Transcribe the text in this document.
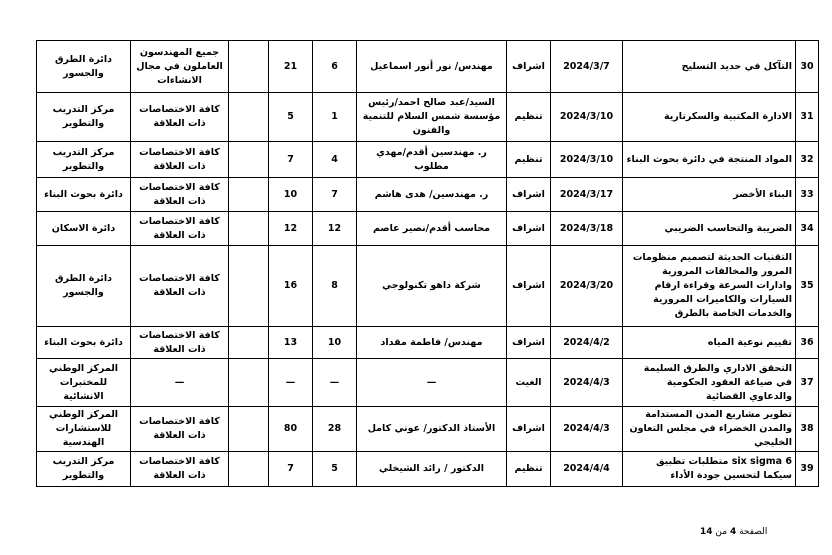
30	التآكل في حديد التسليح	2024/3/7	اشراف	مهندس/ نور أنور اسماعيل	6	21		جميع المهندسون العاملون في مجال الانشاءات	دائرة الطرق والجسور
31	الادارة المكتبية والسكرتارية	2024/3/10	تنظيم	السيد/عبد صالح احمد/رئيس مؤسسة شمس السلام للتنمية والفنون	1	5		كافة الاختصاصات ذات العلاقة	مركز التدريب والتطوير
32	المواد المنتجة في دائرة بحوث البناء	2024/3/10	تنظيم	ر. مهندسين أقدم/مهدي مطلوب	4	7		كافة الاختصاصات ذات العلاقة	مركز التدريب والتطوير
33	البناء الأخضر	2024/3/17	اشراف	ر. مهندسين/ هدى هاشم	7	10		كافة الاختصاصات ذات العلاقة	دائرة بحوث البناء
34	الضريبة والتحاسب الضريبي	2024/3/18	اشراف	محاسب أقدم/نصير عاصم	12	12		كافة الاختصاصات ذات العلاقة	دائرة الاسكان
35	التقنيات الحديثة لتصميم منظومات المرور والمخالفات المرورية وادارات السرعة وقراءة ارقام السيارات والكاميرات المرورية والخدمات الخاصة بالطرق	2024/3/20	اشراف	شركة داهو تكنولوجي	8	16		كافة الاختصاصات ذات العلاقة	دائرة الطرق والجسور
36	تقييم نوعية المياه	2024/4/2	اشراف	مهندس/ فاطمة مقداد	10	13		كافة الاختصاصات ذات العلاقة	دائرة بحوث البناء
37	التحقق الاداري والطرق السليمة في صياغة العقود الحكومية والدعاوي القضائية	2024/4/3	الغيت	—	—	—		—	المركز الوطني للمختبرات الانشائية
38	تطوير مشاريع المدن المستدامة والمدن الخضراء في مجلس التعاون الخليجي	2024/4/3	اشراف	الأستاذ الدكتور/ عوني كامل	28	80		كافة الاختصاصات ذات العلاقة	المركز الوطني للاستشارات الهندسية
39	six sigma 6 متطلبات تطبيق سيكما لتحسين جودة الأداء	2024/4/4	تنظيم	الدكتور / رائد الشيخلي	5	7		كافة الاختصاصات ذات العلاقة	مركز التدريب والتطوير
الصفحة 4 من 14
